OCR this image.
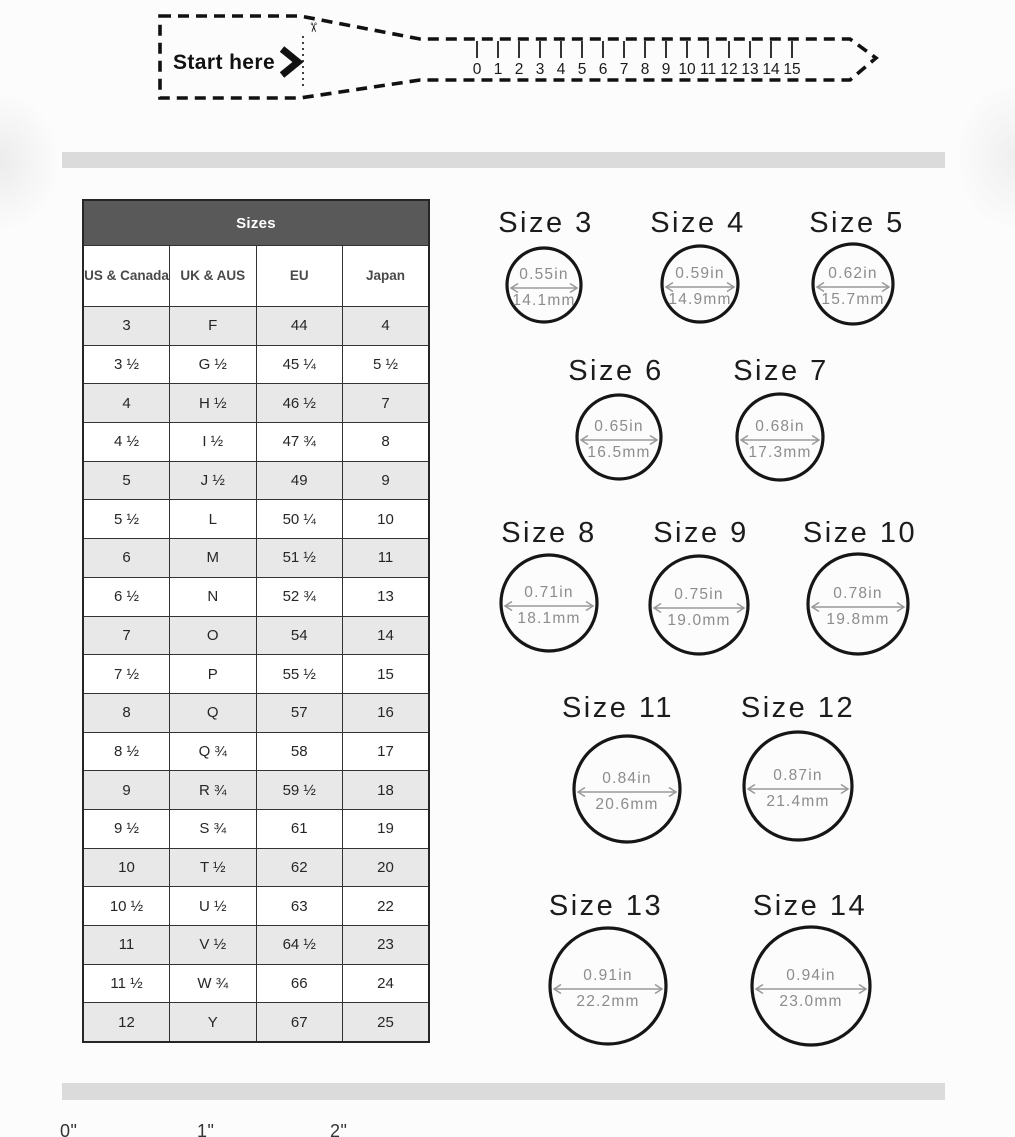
Start here
✂
0 1 2 3 4 5 6 7 8 9 10 11 12 13 14 15
Sizes			
US & Canada	UK & AUS	EU	Japan
3	F	44	4
3 ½	G ½	45 ¼	5 ½
4	H ½	46 ½	7
4 ½	I ½	47 ¾	8
5	J ½	49	9
5 ½	L	50 ¼	10
6	M	51 ½	11
6 ½	N	52 ¾	13
7	O	54	14
7 ½	P	55 ½	15
8	Q	57	16
8 ½	Q ¾	58	17
9	R ¾	59 ½	18
9 ½	S ¾	61	19
10	T ½	62	20
10 ½	U ½	63	22
11	V ½	64 ½	23
11 ½	W ¾	66	24
12	Y	67	25
Size 3
0.55in
14.1mm
Size 4
0.59in
14.9mm
Size 5
0.62in
15.7mm
Size 6
0.65in
16.5mm
Size 7
0.68in
17.3mm
Size 8
0.71in
18.1mm
Size 9
0.75in
19.0mm
Size 10
0.78in
19.8mm
Size 11
0.84in
20.6mm
Size 12
0.87in
21.4mm
Size 13
0.91in
22.2mm
Size 14
0.94in
23.0mm
0"	1"	2"
